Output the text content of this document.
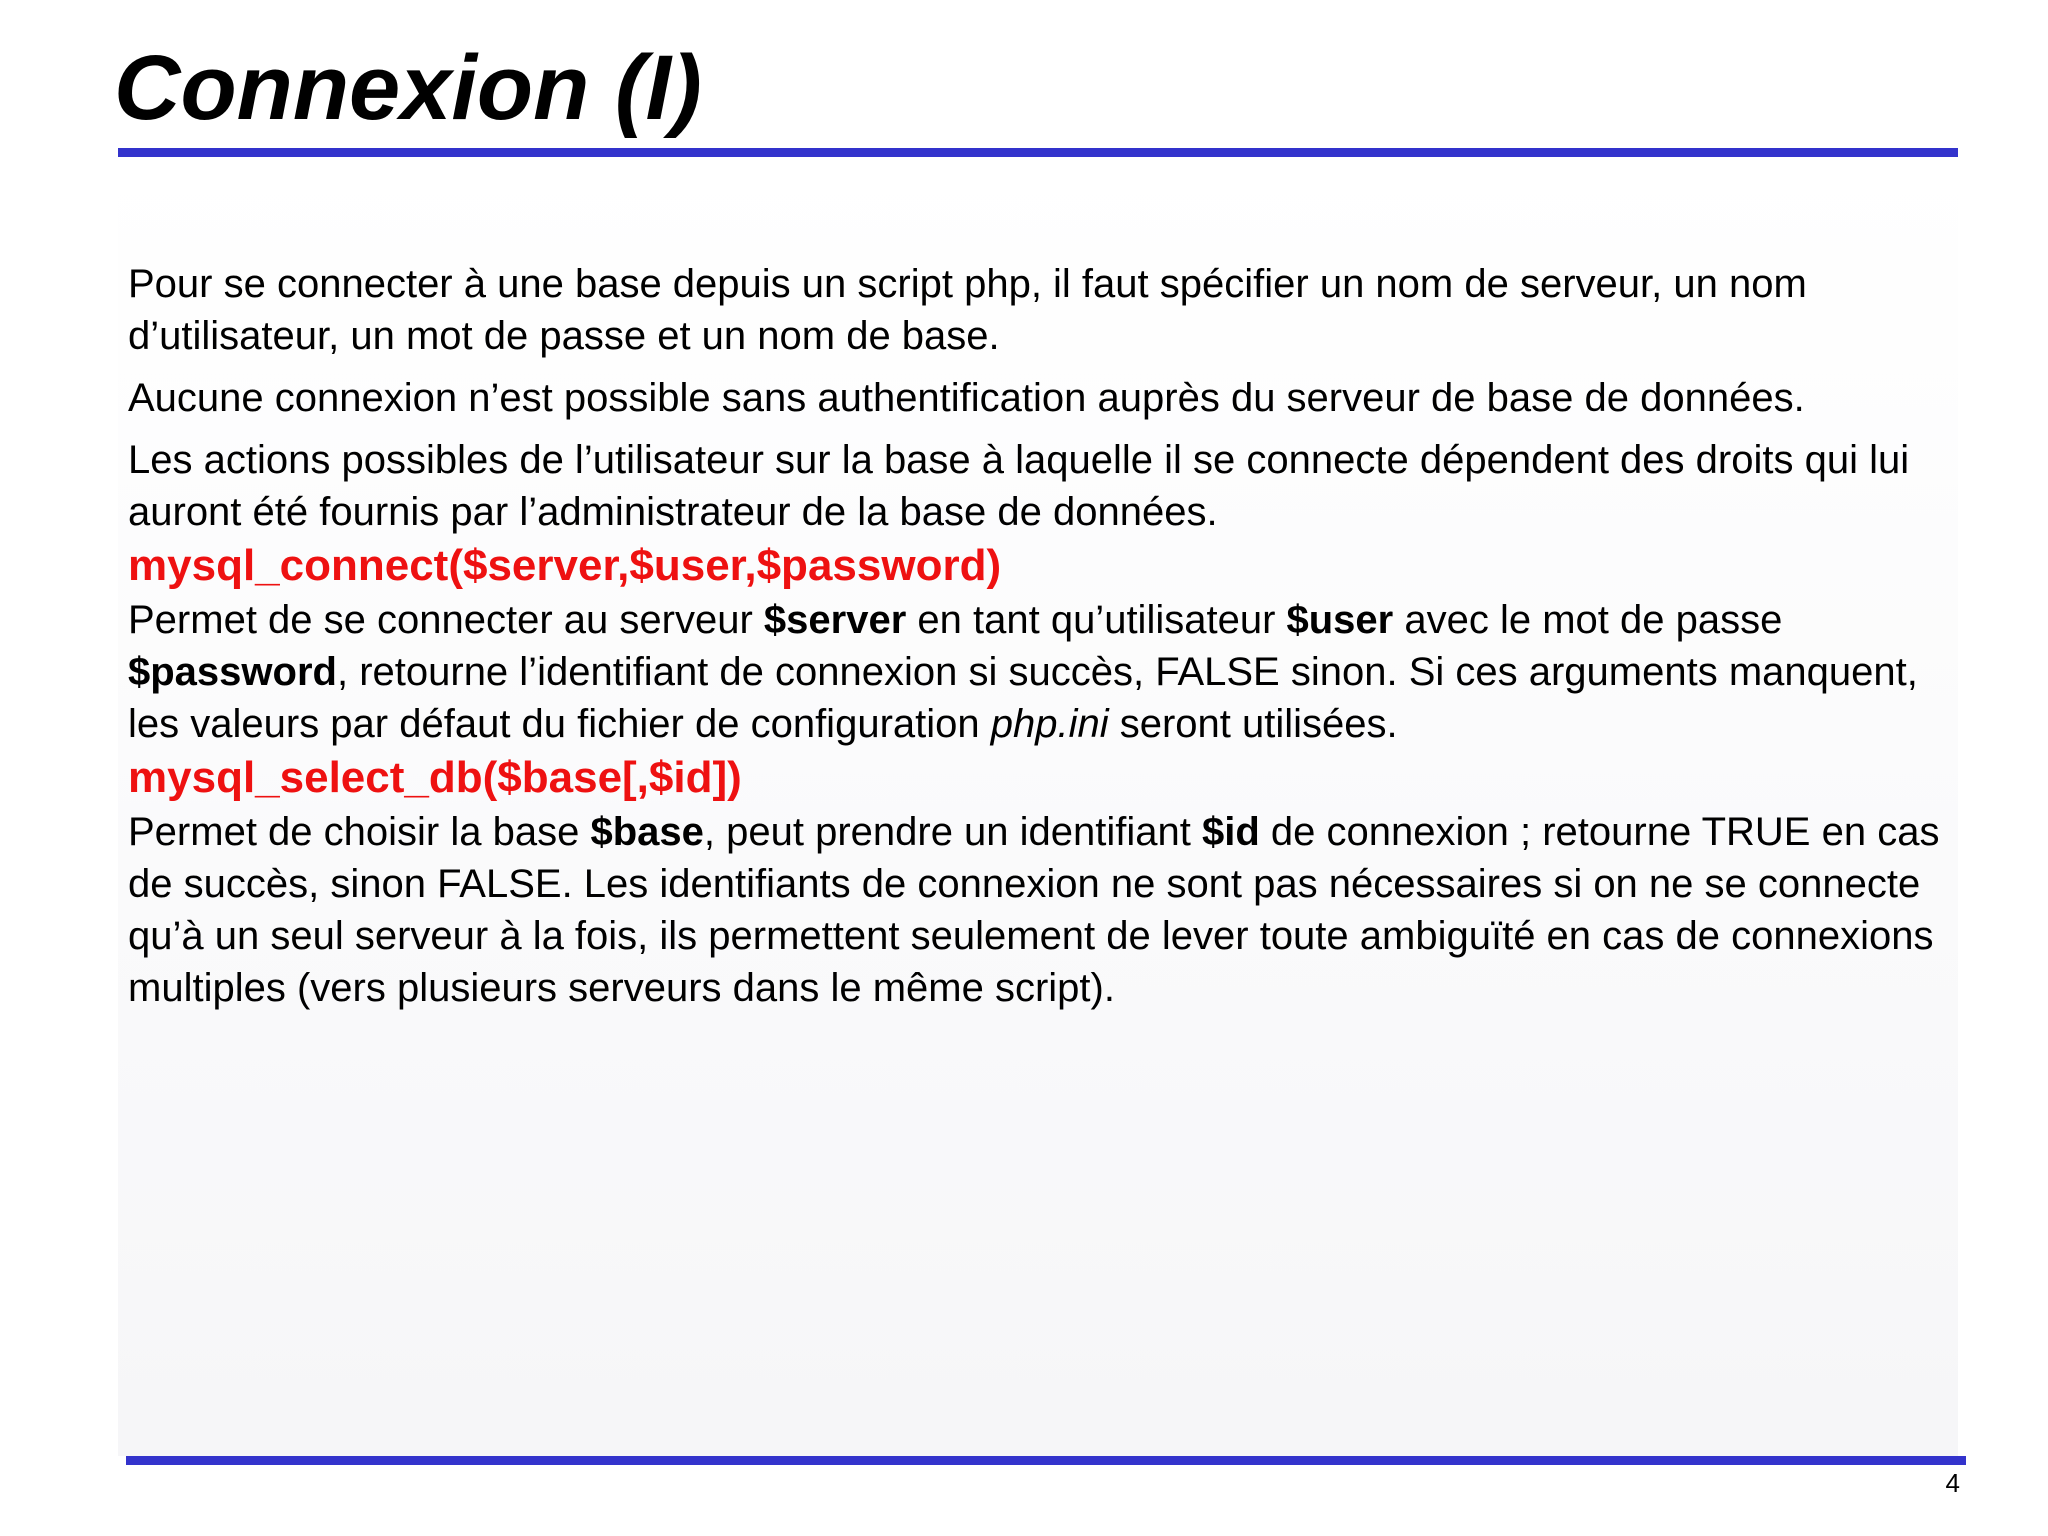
Connexion (I)

Pour se connecter à une base depuis un script php, il faut spécifier un nom de serveur, un nom d’utilisateur, un mot de passe et un nom de base.

Aucune connexion n’est possible sans authentification auprès du serveur de base de données.

Les actions possibles de l’utilisateur sur la base à laquelle il se connecte dépendent des droits qui lui auront été fournis par l’administrateur de la base de données.

mysql_connect($server,$user,$password)

Permet de se connecter au serveur $server en tant qu’utilisateur $user avec le mot de passe
$password, retourne l’identifiant de connexion si succès, FALSE sinon. Si ces arguments manquent, les valeurs par défaut du fichier de configuration php.ini seront utilisées.

mysql_select_db($base[,$id])

Permet de choisir la base $base, peut prendre un identifiant $id de connexion ; retourne TRUE en cas de succès, sinon FALSE. Les identifiants de connexion ne sont pas nécessaires si on ne se connecte qu’à un seul serveur à la fois, ils permettent seulement de lever toute ambiguïté en cas de connexions multiples (vers plusieurs serveurs dans le même script).

4
